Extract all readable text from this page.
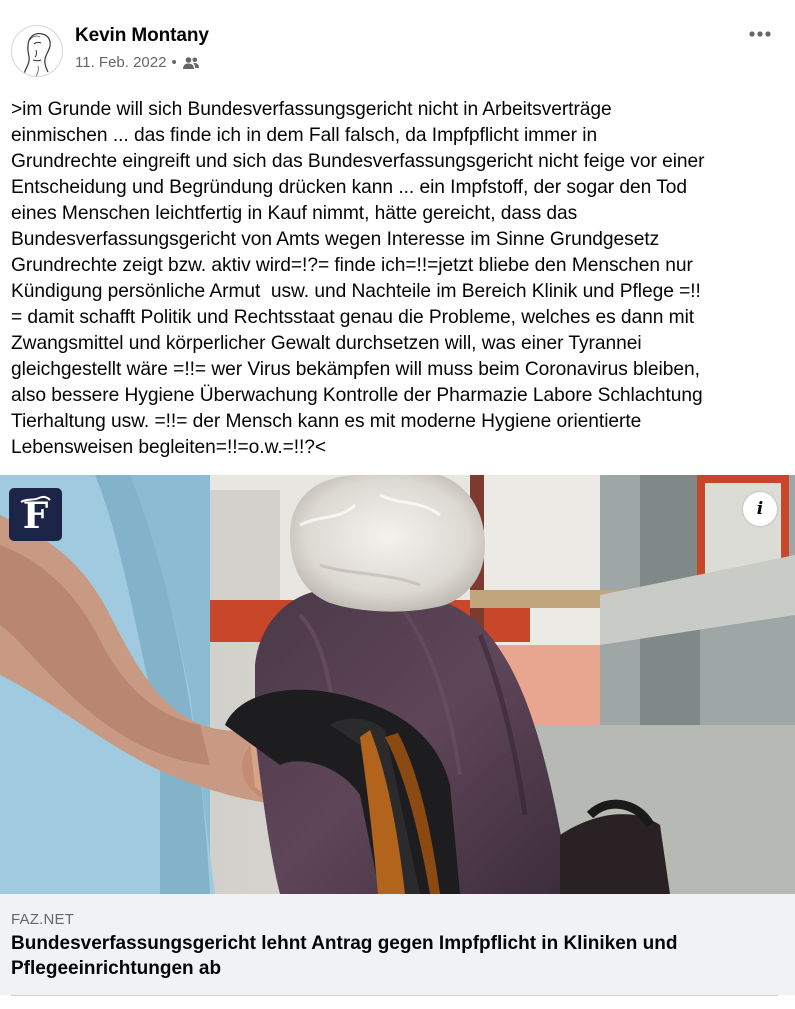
Kevin Montany
11. Feb. 2022 •
>im Grunde will sich Bundesverfassungsgericht nicht in Arbeitsverträge
einmischen ... das finde ich in dem Fall falsch, da Impfpflicht immer in
Grundrechte eingreift und sich das Bundesverfassungsgericht nicht feige vor einer
Entscheidung und Begründung drücken kann ... ein Impfstoff, der sogar den Tod
eines Menschen leichtfertig in Kauf nimmt, hätte gereicht, dass das
Bundesverfassungsgericht von Amts wegen Interesse im Sinne Grundgesetz
Grundrechte zeigt bzw. aktiv wird=!?= finde ich=!!=jetzt bliebe den Menschen nur
Kündigung persönliche Armut  usw. und Nachteile im Bereich Klinik und Pflege =!!
= damit schafft Politik und Rechtsstaat genau die Probleme, welches es dann mit
Zwangsmittel und körperlicher Gewalt durchsetzen will, was einer Tyrannei
gleichgestellt wäre =!!= wer Virus bekämpfen will muss beim Coronavirus bleiben,
also bessere Hygiene Überwachung Kontrolle der Pharmazie Labore Schlachtung
Tierhaltung usw. =!!= der Mensch kann es mit moderne Hygiene orientierte
Lebensweisen begleiten=!!=o.w.=!!?<
F	i
FAZ.NET
Bundesverfassungsgericht lehnt Antrag gegen Impfpflicht in Kliniken und Pflegeeinrichtungen ab
